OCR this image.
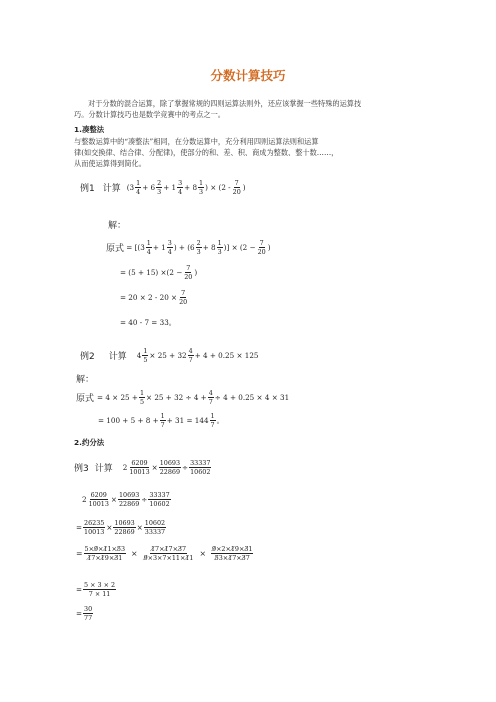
分数计算技巧
对于分数的混合运算，除了掌握常规的四则运算法则外，还应该掌握一些特殊的运算技
巧。分数计算技巧也是数学竞赛中的考点之一。
1.凑整法
与整数运算中的“凑整法”相同，在分数运算中，充分利用四则运算法则和运算
律(如交换律、结合律、分配律)，使部分的和、差、积、商成为整数、整十数……，
从而使运算得到简化。
例1 计算 ($3 \frac{1}{4} + 6 \frac{2}{3} + 1 \frac{3}{4} + 8 \frac{1}{3}$ ) × ($2 - \frac{7}{20}$ )
解：
原式 = [($3 \frac{1}{4} + 1 \frac{3}{4}$ ) + ($6 \frac{2}{3} + 8 \frac{1}{3}$ )] × ($2 - \frac{7}{20}$ )
= $(5 + 15) \times(2 - \frac{7}{20}$ )
= $20 \times 2 - 20 \times \frac{7}{20}$
= 40 - 7 = 33。
例2 计算 $4 \frac{1}{5} \times 25 + 32 \frac{4}{7} + 4 + 0.25 \times 125$
解：
原式 = $4 \times 25 + \frac{1}{5} \times 25 + 32 \div 4 + \frac{4}{7} \div 4 + 0.25 \times 4 \times 31$
= $100 + 5 + 8 + \frac{1}{7} + 31 = 144 \frac{1}{7}$ 。
2.约分法
例3 计算 $2 \frac{6209}{10013} \times \frac{10693}{22869} \div \frac{33337}{10602}$
$2 \frac{6209}{10013} \times \frac{10693}{22869} \div \frac{33337}{10602}$
= $\frac{26235}{10013} \times \frac{10693}{22869} \times \frac{10602}{33337}$
= $\frac{5\times 9̸\times 1̸1\times 5̸3}{1̸7\times 1̸9\times 3̸1} \times \frac{1̸7\times 1̸7\times 3̸7}{9̸\times 3\times 7\times 11\times 1̸1} \times \frac{9̸\times 2\times 1̸9\times 3̸1}{5̸3\times 1̸7\times 3̸7}$
= $\frac{5 \times 3 \times 2}{7 \times 11}$
= $\frac{30}{77}$
